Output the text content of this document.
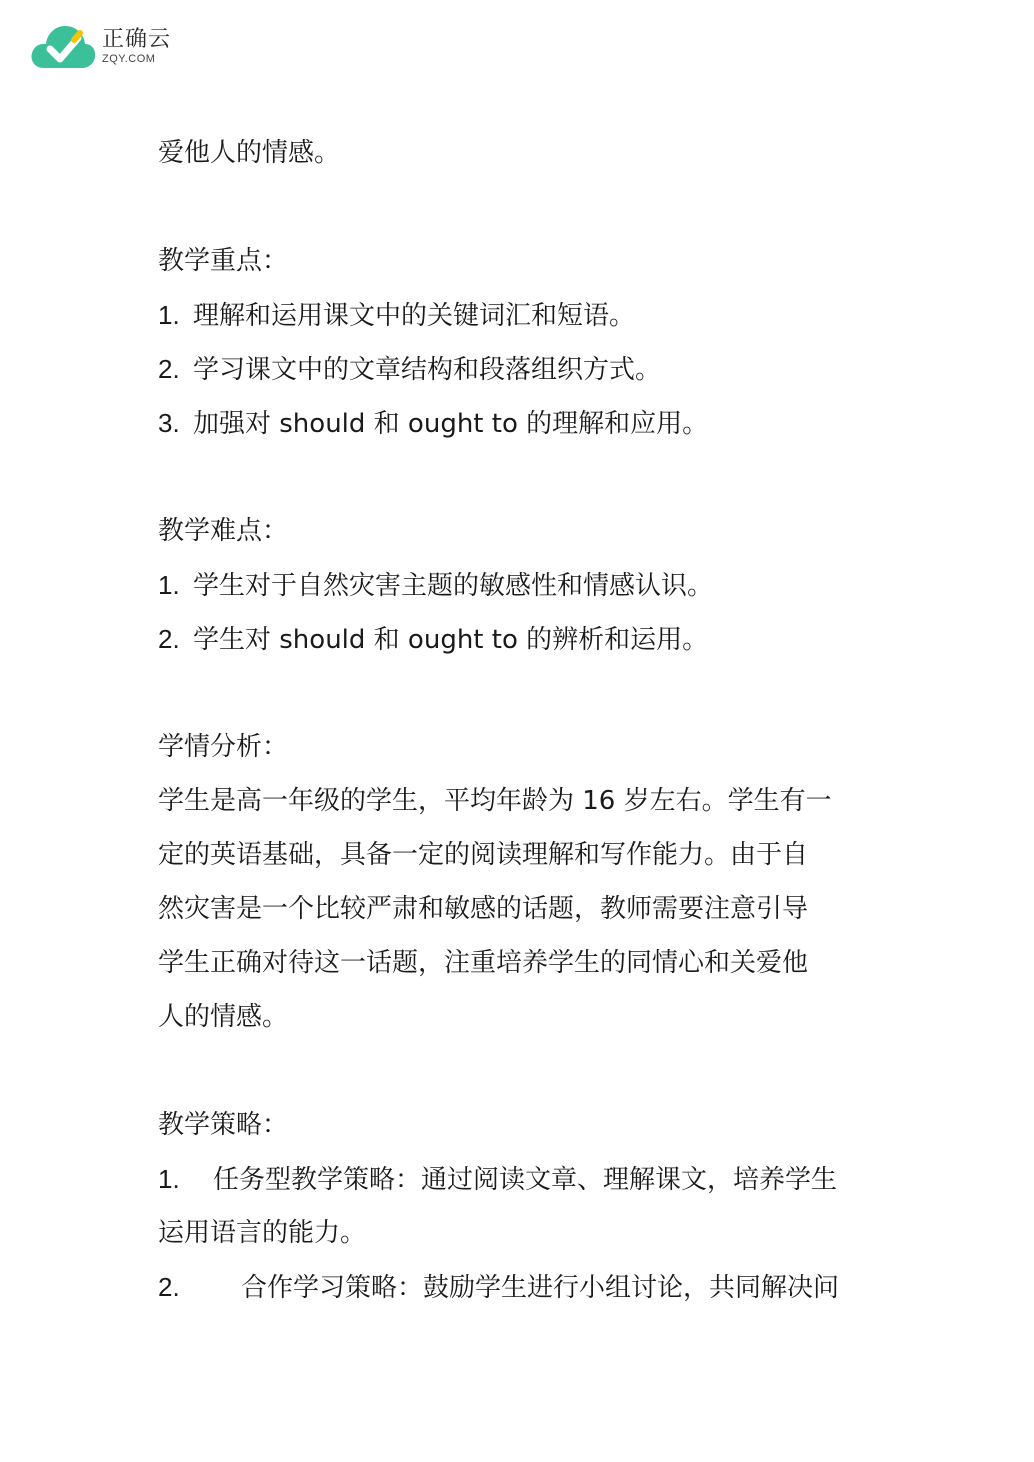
正确云
ZQY.COM
爱他人的情感。
教学重点：
1. 理解和运用课文中的关键词汇和短语。
2. 学习课文中的文章结构和段落组织方式。
3. 加强对 should 和 ought to 的理解和应用。
教学难点：
1. 学生对于自然灾害主题的敏感性和情感认识。
2. 学生对 should 和 ought to 的辨析和运用。
学情分析：
学生是高一年级的学生，平均年龄为 16 岁左右。学生有一
定的英语基础，具备一定的阅读理解和写作能力。由于自
然灾害是一个比较严肃和敏感的话题，教师需要注意引导
学生正确对待这一话题，注重培养学生的同情心和关爱他
人的情感。
教学策略：
1. 任务型教学策略：通过阅读文章、理解课文，培养学生
运用语言的能力。
2. 合作学习策略：鼓励学生进行小组讨论，共同解决问
